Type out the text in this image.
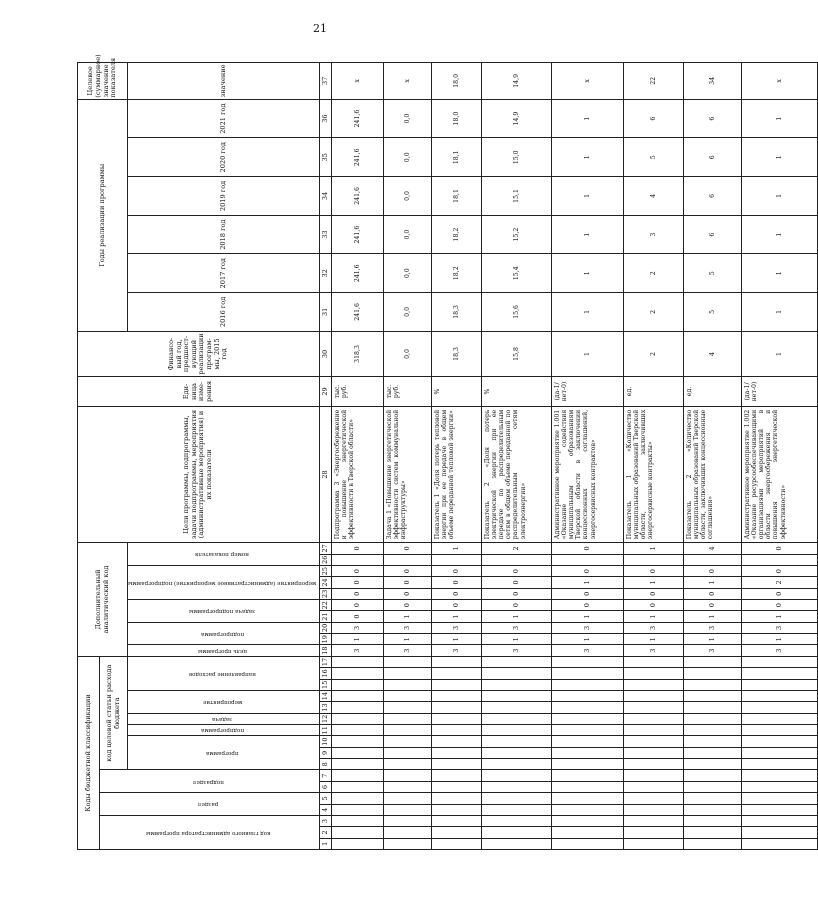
21
Коды бюджетной классификации																	Дополнительный аналитический код										Цели программы, подпрограммы, задачи подпрограммы, мероприятия (административные мероприятия) и их показатели	Еди-ница изме-рения	Финансо-вый год, предшест-вующий реализации програм-мы, 2015 год	Годы реализации программы						Целевое (суммарное) значение показателя
код главного администратора программы			раздел		подраздел		код целевой статьи расхода бюджета																													
							программа			подпрограмма	задача	мероприятие		направление расходов			цель программы	подпрограмма		задача подпрограммы		мероприятие (административное мероприятие) подпрограммы			номер показателя					2016 год	2017 год	2018 год	2019 год	2020 год	2021 год	значение
1	2	3	4	5	6	7	8	9	10	11	12	13	14	15	16	17	18	19	20	21	22	23	24	25	26	27	28	29	30	31	32	33	34	35	36	37
																	3	1	3	0	0	0	0	0		0	Подпрограмма 3 «Энергосбережение и повышение энергетической эффективности в Тверской области»	тыс. руб.	318,3	241,6	241,6	241,6	241,6	241,6	241,6	х
																	3	1	3	1	0	0	0	0		0	Задача 1 «Повышение энергетической эффективности систем коммунальной инфраструктуры»	тыс. руб.	0,0	0,0	0,0	0,0	0,0	0,0	0,0	х
																	3	1	3	1	0	0	0	0		1	Показатель 1 «Доля потерь тепловой энергии при ее передаче в общем объеме переданной тепловой энергии»	%	18,3	18,3	18,2	18,2	18,1	18,1	18,0	18,0
																	3	1	3	1	0	0	0	0		2	Показатель 2 «Доля потерь электрической энергии при ее передаче по распределительным сетям в общем объеме переданной по распределительным сетям электроэнергии»	%	15,8	15,6	15,4	15,2	15,1	15,0	14,9	14,9
																	3	1	3	1	0	0	1	0		0	Административное мероприятие 1.001 «Оказание содействия муниципальным образованиям Тверской области в заключении концессионных соглашений, энергосервисных контрактов»	(да-1/ нет-0)	1	1	1	1	1	1	1	х
																	3	1	3	1	0	0	1	0		1	Показатель 1 «Количество муниципальных образований Тверской области, заключивших энергосервисные контракты»	ед.	2	2	2	3	4	5	6	22
																	3	1	3	1	0	0	1	0		4	Показатель 2 «Количество муниципальных образований Тверской области, заключивших концессионные соглашения»	ед.	4	5	5	6	6	6	6	34
																	3	1	3	1	0	0	2	0		0	Административное мероприятие 1.002 «Оказание ресурсообеспечивающими организациями мероприятий в области энергосбережения и повышения энергетической эффективности»	(да-1/ нет-0)	1	1	1	1	1	1	1	х
